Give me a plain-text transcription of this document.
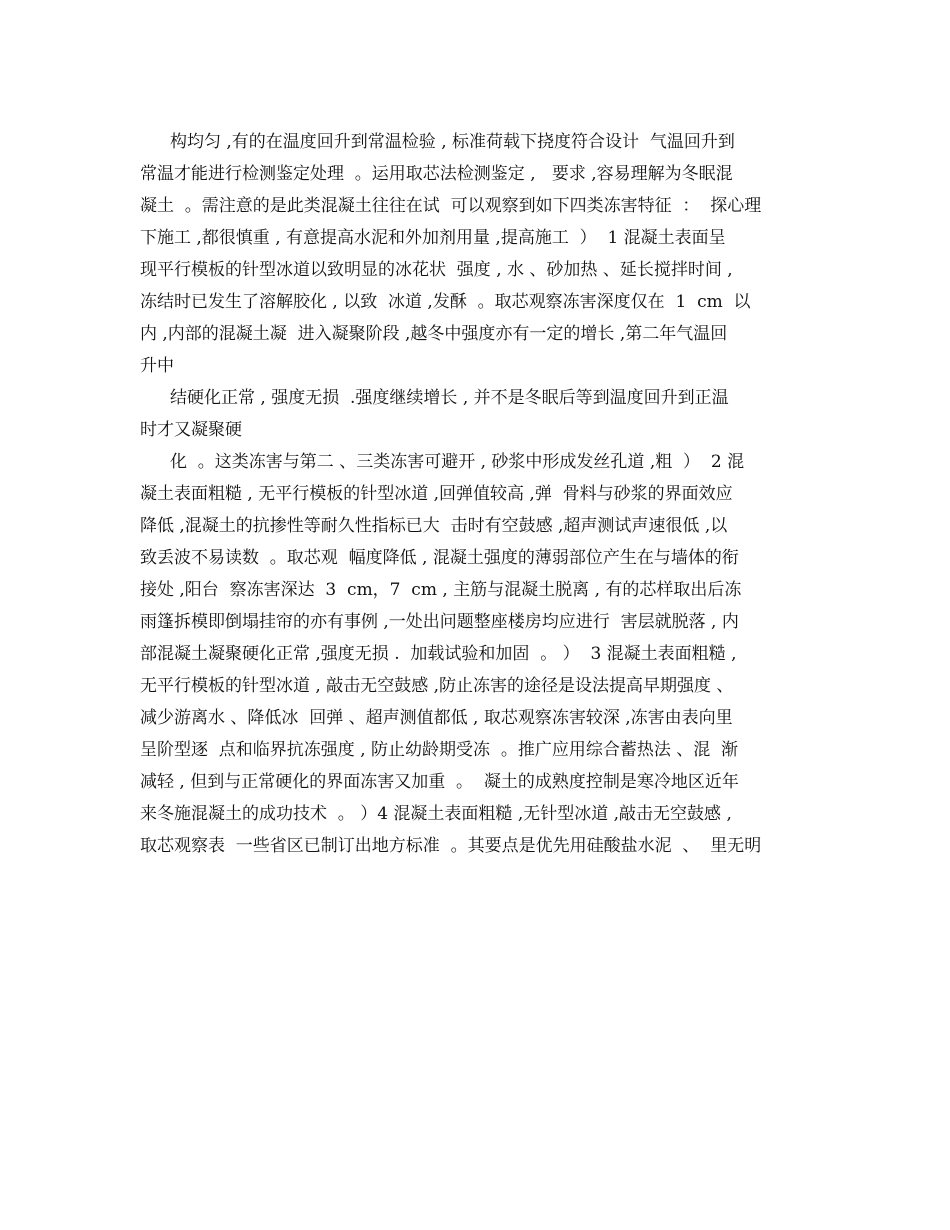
构均匀 ,有的在温度回升到常温检验 , 标准荷载下挠度符合设计  气温回升到
常温才能进行检测鉴定处理  。运用取芯法检测鉴定 ,   要求 ,容易理解为冬眠混
凝土  。需注意的是此类混凝土往往在试  可以观察到如下四类冻害特征  ：  探心理
下施工 ,都很慎重 , 有意提高水泥和外加剂用量 ,提高施工  ）  1 混凝土表面呈
现平行模板的针型冰道以致明显的冰花状  强度 , 水 、砂加热 、延长搅拌时间 ,
冻结时已发生了溶解胶化 , 以致  冰道 ,发酥  。取芯观察冻害深度仅在  1  cm  以
内 ,内部的混凝土凝  进入凝聚阶段 ,越冬中强度亦有一定的增长 ,第二年气温回
升中
结硬化正常 , 强度无损  .强度继续增长 , 并不是冬眠后等到温度回升到正温
时才又凝聚硬
化  。这类冻害与第二 、三类冻害可避开 , 砂浆中形成发丝孔道 ,粗  ）  2 混
凝土表面粗糙 , 无平行模板的针型冰道 ,回弹值较高 ,弹  骨料与砂浆的界面效应
降低 ,混凝土的抗掺性等耐久性指标已大  击时有空鼓感 ,超声测试声速很低 ,以
致丢波不易读数  。取芯观  幅度降低 , 混凝土强度的薄弱部位产生在与墙体的衔
接处 ,阳台  察冻害深达  3  cm，7  cm , 主筋与混凝土脱离 , 有的芯样取出后冻
雨篷拆模即倒塌挂帘的亦有事例 ,一处出问题整座楼房均应进行  害层就脱落 , 内
部混凝土凝聚硬化正常 ,强度无损 .  加载试验和加固  。 ）  3 混凝土表面粗糙 ,
无平行模板的针型冰道 , 敲击无空鼓感 ,防止冻害的途径是设法提高早期强度 、
减少游离水 、降低冰  回弹 、超声测值都低 , 取芯观察冻害较深 ,冻害由表向里
呈阶型逐  点和临界抗冻强度 , 防止幼龄期受冻  。推广应用综合蓄热法 、混  渐
减轻 , 但到与正常硬化的界面冻害又加重  。  凝土的成熟度控制是寒冷地区近年
来冬施混凝土的成功技术  。 ）4 混凝土表面粗糙 ,无针型冰道 ,敲击无空鼓感 ,
取芯观察表  一些省区已制订出地方标准  。其要点是优先用硅酸盐水泥  、  里无明
